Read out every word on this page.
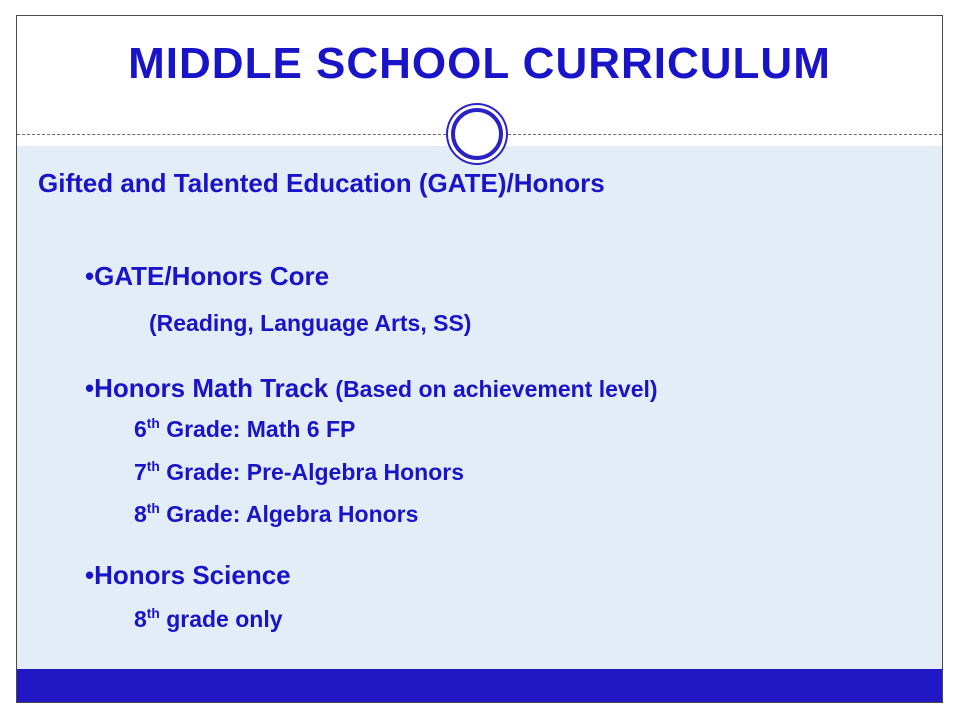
MIDDLE SCHOOL CURRICULUM

Gifted and Talented Education (GATE)/Honors

•GATE/Honors Core

(Reading, Language Arts, SS)

•Honors Math Track (Based on achievement level)

6th Grade: Math 6 FP

7th Grade: Pre-Algebra Honors

8th Grade: Algebra Honors

•Honors Science

8th grade only
